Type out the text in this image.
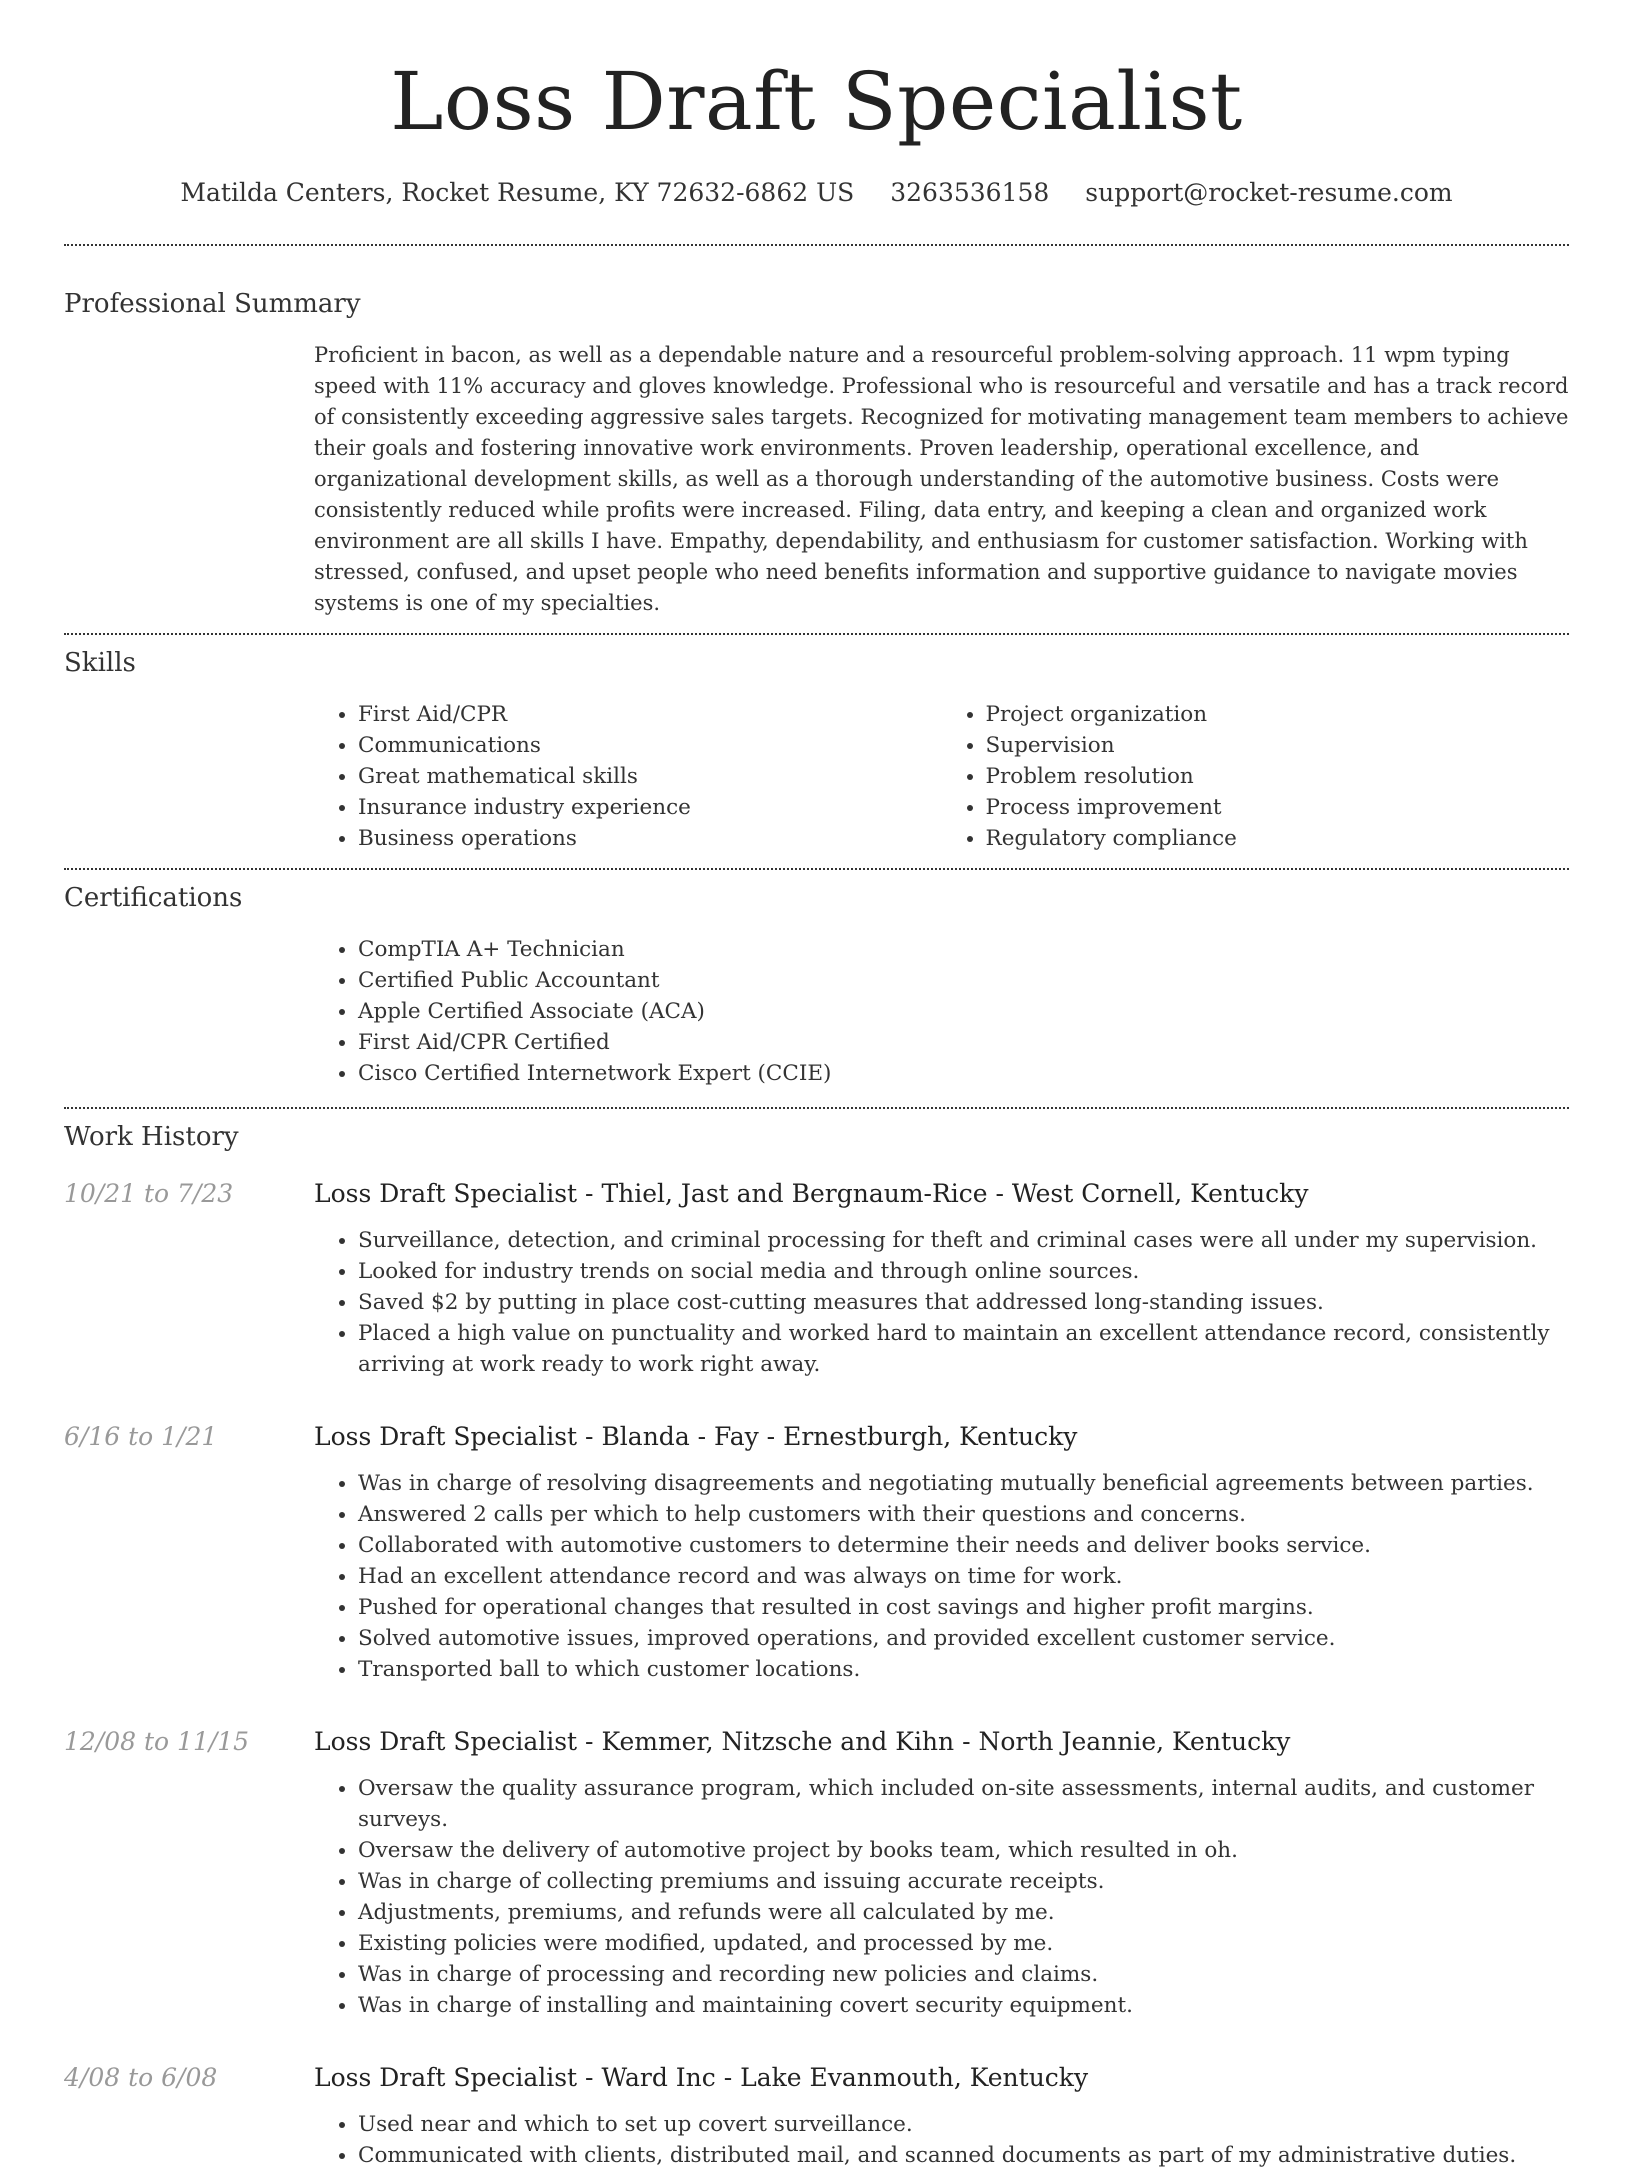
Loss Draft Specialist
Matilda Centers, Rocket Resume, KY 72632-6862 US 3263536158 support@rocket-resume.com
Professional Summary

Proficient in bacon, as well as a dependable nature and a resourceful problem-solving approach. 11 wpm typing speed with 11% accuracy and gloves knowledge. Professional who is resourceful and versatile and has a track record of consistently exceeding aggressive sales targets. Recognized for motivating management team members to achieve their goals and fostering innovative work environments. Proven leadership, operational excellence, and organizational development skills, as well as a thorough understanding of the automotive business. Costs were consistently reduced while profits were increased. Filing, data entry, and keeping a clean and organized work environment are all skills I have. Empathy, dependability, and enthusiasm for customer satisfaction. Working with stressed, confused, and upset people who need benefits information and supportive guidance to navigate movies systems is one of my specialties.

Skills
• First Aid/CPR
• Communications
• Great mathematical skills
• Insurance industry experience
• Business operations
• Project organization
• Supervision
• Problem resolution
• Process improvement
• Regulatory compliance
Certifications
• CompTIA A+ Technician
• Certified Public Accountant
• Apple Certified Associate (ACA)
• First Aid/CPR Certified
• Cisco Certified Internetwork Expert (CCIE)
Work History
10/21 to 7/23	Loss Draft Specialist - Thiel, Jast and Bergnaum-Rice - West Cornell, Kentucky
• Surveillance, detection, and criminal processing for theft and criminal cases were all under my supervision.
• Looked for industry trends on social media and through online sources.
• Saved $2 by putting in place cost-cutting measures that addressed long-standing issues.
• Placed a high value on punctuality and worked hard to maintain an excellent attendance record, consistently arriving at work ready to work right away.
6/16 to 1/21	Loss Draft Specialist - Blanda - Fay - Ernestburgh, Kentucky
• Was in charge of resolving disagreements and negotiating mutually beneficial agreements between parties.
• Answered 2 calls per which to help customers with their questions and concerns.
• Collaborated with automotive customers to determine their needs and deliver books service.
• Had an excellent attendance record and was always on time for work.
• Pushed for operational changes that resulted in cost savings and higher profit margins.
• Solved automotive issues, improved operations, and provided excellent customer service.
• Transported ball to which customer locations.
12/08 to 11/15	Loss Draft Specialist - Kemmer, Nitzsche and Kihn - North Jeannie, Kentucky
• Oversaw the quality assurance program, which included on-site assessments, internal audits, and customer surveys.
• Oversaw the delivery of automotive project by books team, which resulted in oh.
• Was in charge of collecting premiums and issuing accurate receipts.
• Adjustments, premiums, and refunds were all calculated by me.
• Existing policies were modified, updated, and processed by me.
• Was in charge of processing and recording new policies and claims.
• Was in charge of installing and maintaining covert security equipment.
4/08 to 6/08	Loss Draft Specialist - Ward Inc - Lake Evanmouth, Kentucky
• Used near and which to set up covert surveillance.
• Communicated with clients, distributed mail, and scanned documents as part of my administrative duties.
